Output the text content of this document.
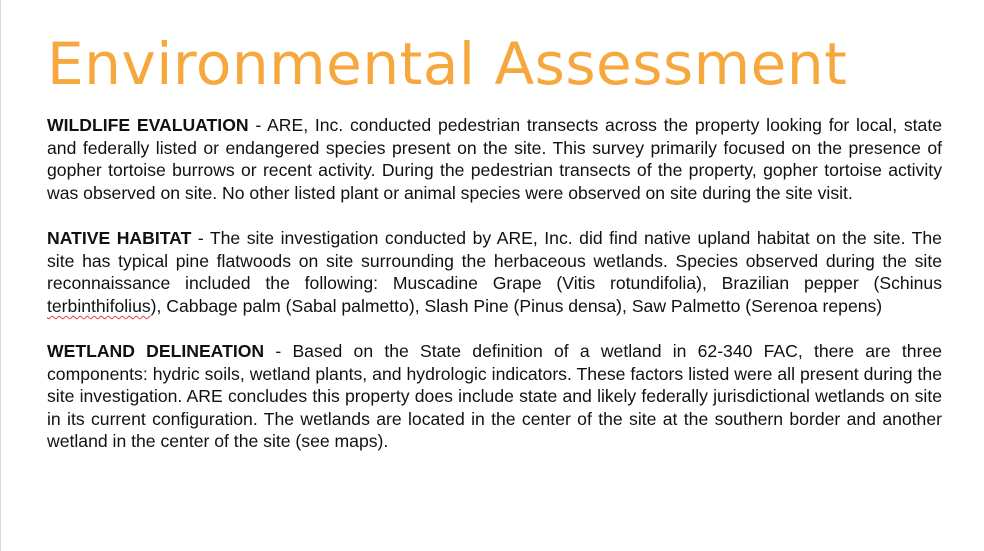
Environmental Assessment

WILDLIFE EVALUATION - ARE, Inc. conducted pedestrian transects across the property looking for local, state and federally listed or endangered species present on the site. This survey primarily focused on the presence of gopher tortoise burrows or recent activity. During the pedestrian transects of the property, gopher tortoise activity was observed on site. No other listed plant or animal species were observed on site during the site visit.

NATIVE HABITAT - The site investigation conducted by ARE, Inc. did find native upland habitat on the site. The site has typical pine flatwoods on site surrounding the herbaceous wetlands. Species observed during the site reconnaissance included the following: Muscadine Grape (Vitis rotundifolia), Brazilian pepper (Schinus terbinthifolius), Cabbage palm (Sabal palmetto), Slash Pine (Pinus densa), Saw Palmetto (Serenoa repens)

WETLAND DELINEATION - Based on the State definition of a wetland in 62-340 FAC, there are three components: hydric soils, wetland plants, and hydrologic indicators. These factors listed were all present during the site investigation. ARE concludes this property does include state and likely federally jurisdictional wetlands on site in its current configuration. The wetlands are located in the center of the site at the southern border and another wetland in the center of the site (see maps).
